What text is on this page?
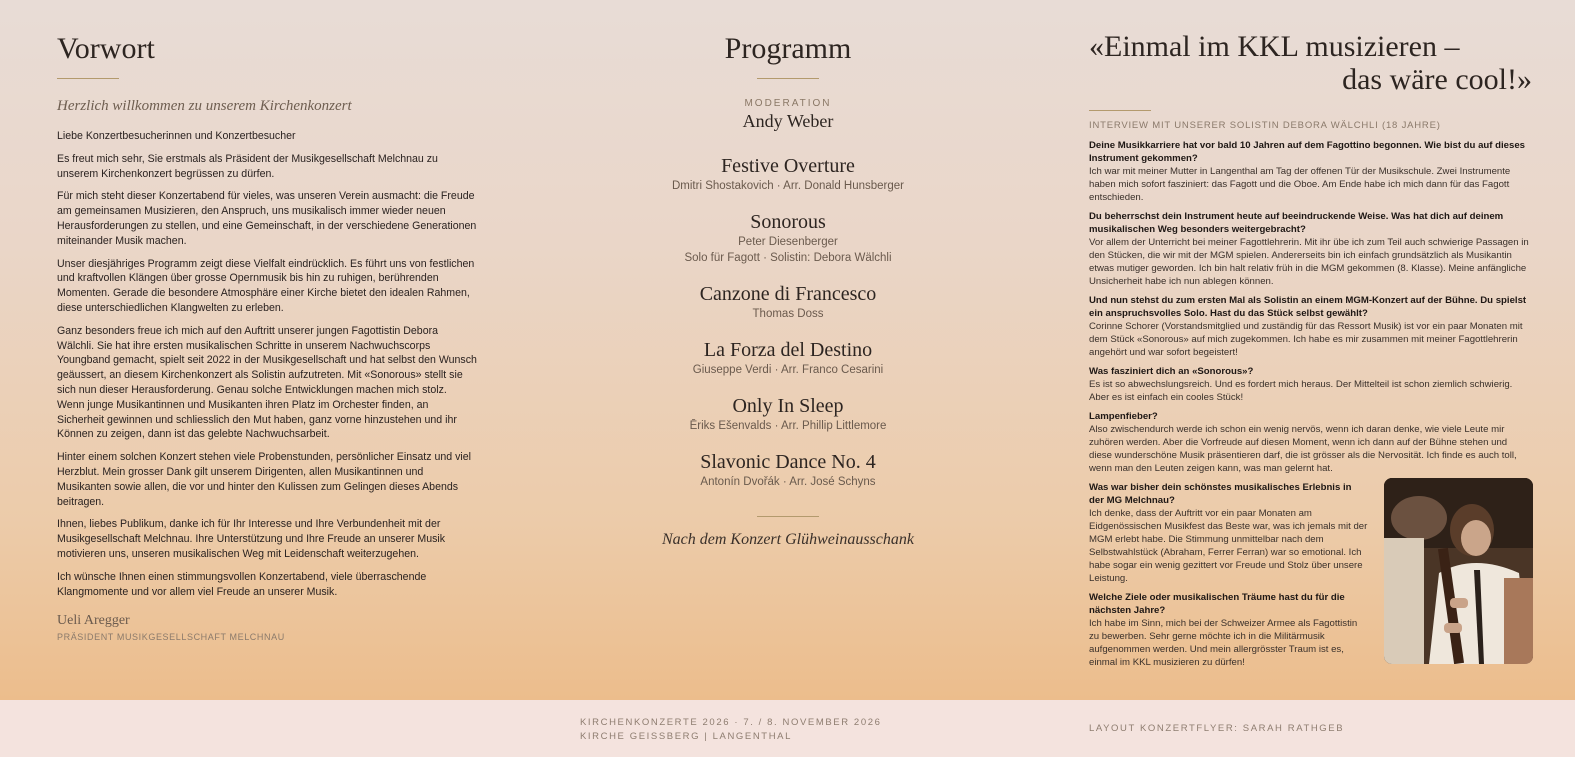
Vorwort
Herzlich willkommen zu unserem Kirchenkonzert

Liebe Konzertbesucherinnen und Konzertbesucher

Es freut mich sehr, Sie erstmals als Präsident der Musikgesellschaft Melchnau zu unserem Kirchenkonzert begrüssen zu dürfen.

Für mich steht dieser Konzertabend für vieles, was unseren Verein ausmacht: die Freude am gemeinsamen Musizieren, den Anspruch, uns musikalisch immer wieder neuen Herausforderungen zu stellen, und eine Gemeinschaft, in der verschiedene Generationen miteinander Musik machen.

Unser diesjähriges Programm zeigt diese Vielfalt eindrücklich. Es führt uns von festlichen und kraftvollen Klängen über grosse Opernmusik bis hin zu ruhigen, berührenden Momenten. Gerade die besondere Atmosphäre einer Kirche bietet den idealen Rahmen, diese unterschiedlichen Klangwelten zu erleben.

Ganz besonders freue ich mich auf den Auftritt unserer jungen Fagottistin Debora Wälchli. Sie hat ihre ersten musikalischen Schritte in unserem Nachwuchscorps Youngband gemacht, spielt seit 2022 in der Musikgesellschaft und hat selbst den Wunsch geäussert, an diesem Kirchenkonzert als Solistin aufzutreten. Mit «Sonorous» stellt sie sich nun dieser Herausforderung. Genau solche Entwicklungen machen mich stolz. Wenn junge Musikantinnen und Musikanten ihren Platz im Orchester finden, an Sicherheit gewinnen und schliesslich den Mut haben, ganz vorne hinzustehen und ihr Können zu zeigen, dann ist das gelebte Nachwuchsarbeit.

Hinter einem solchen Konzert stehen viele Probenstunden, persönlicher Einsatz und viel Herzblut. Mein grosser Dank gilt unserem Dirigenten, allen Musikantinnen und Musikanten sowie allen, die vor und hinter den Kulissen zum Gelingen dieses Abends beitragen.

Ihnen, liebes Publikum, danke ich für Ihr Interesse und Ihre Verbundenheit mit der Musikgesellschaft Melchnau. Ihre Unterstützung und Ihre Freude an unserer Musik motivieren uns, unseren musikalischen Weg mit Leidenschaft weiterzugehen.

Ich wünsche Ihnen einen stimmungsvollen Konzertabend, viele überraschende Klangmomente und vor allem viel Freude an unserer Musik.

Ueli Aregger
PRÄSIDENT MUSIKGESELLSCHAFT MELCHNAU
Programm
MODERATION
Andy Weber
Festive Overture
Dmitri Shostakovich · Arr. Donald Hunsberger
Sonorous
Peter Diesenberger
Solo für Fagott · Solistin: Debora Wälchli
Canzone di Francesco
Thomas Doss
La Forza del Destino
Giuseppe Verdi · Arr. Franco Cesarini
Only In Sleep
Ēriks Ešenvalds · Arr. Phillip Littlemore
Slavonic Dance No. 4
Antonín Dvořák · Arr. José Schyns
Nach dem Konzert Glühweinausschank
«Einmal im KKL musizieren –
das wäre cool!»
INTERVIEW MIT UNSERER SOLISTIN DEBORA WÄLCHLI (18 JAHRE)
Deine Musikkarriere hat vor bald 10 Jahren auf dem Fagottino begonnen. Wie bist du auf dieses Instrument gekommen?
Ich war mit meiner Mutter in Langenthal am Tag der offenen Tür der Musikschule. Zwei Instrumente haben mich sofort fasziniert: das Fagott und die Oboe. Am Ende habe ich mich dann für das Fagott entschieden.
Du beherrschst dein Instrument heute auf beeindruckende Weise. Was hat dich auf deinem musikalischen Weg besonders weitergebracht?
Vor allem der Unterricht bei meiner Fagottlehrerin. Mit ihr übe ich zum Teil auch schwierige Passagen in den Stücken, die wir mit der MGM spielen. Andererseits bin ich einfach grundsätzlich als Musikantin etwas mutiger geworden. Ich bin halt relativ früh in die MGM gekommen (8. Klasse). Meine anfängliche Unsicherheit habe ich nun ablegen können.
Und nun stehst du zum ersten Mal als Solistin an einem MGM-Konzert auf der Bühne. Du spielst ein anspruchsvolles Solo. Hast du das Stück selbst gewählt?
Corinne Schorer (Vorstandsmitglied und zuständig für das Ressort Musik) ist vor ein paar Monaten mit dem Stück «Sonorous» auf mich zugekommen. Ich habe es mir zusammen mit meiner Fagottlehrerin angehört und war sofort begeistert!
Was fasziniert dich an «Sonorous»?
Es ist so abwechslungsreich. Und es fordert mich heraus. Der Mittelteil ist schon ziemlich schwierig. Aber es ist einfach ein cooles Stück!
Lampenfieber?
Also zwischendurch werde ich schon ein wenig nervös, wenn ich daran denke, wie viele Leute mir zuhören werden. Aber die Vorfreude auf diesen Moment, wenn ich dann auf der Bühne stehen und diese wunderschöne Musik präsentieren darf, die ist grösser als die Nervosität. Ich finde es auch toll, wenn man den Leuten zeigen kann, was man gelernt hat.
Was war bisher dein schönstes musikalisches Erlebnis in der MG Melchnau?
Ich denke, dass der Auftritt vor ein paar Monaten am Eidgenössischen Musikfest das Beste war, was ich jemals mit der MGM erlebt habe. Die Stimmung unmittelbar nach dem Selbstwahlstück (Abraham, Ferrer Ferran) war so emotional. Ich habe sogar ein wenig gezittert vor Freude und Stolz über unsere Leistung.
Welche Ziele oder musikalischen Träume hast du für die nächsten Jahre?
Ich habe im Sinn, mich bei der Schweizer Armee als Fagottistin zu bewerben. Sehr gerne möchte ich in die Militärmusik aufgenommen werden. Und mein allergrösster Traum ist es, einmal im KKL musizieren zu dürfen!
KIRCHENKONZERTE 2026 · 7. / 8. NOVEMBER 2026
KIRCHE GEISSBERG | LANGENTHAL
LAYOUT KONZERTFLYER: SARAH RATHGEB
